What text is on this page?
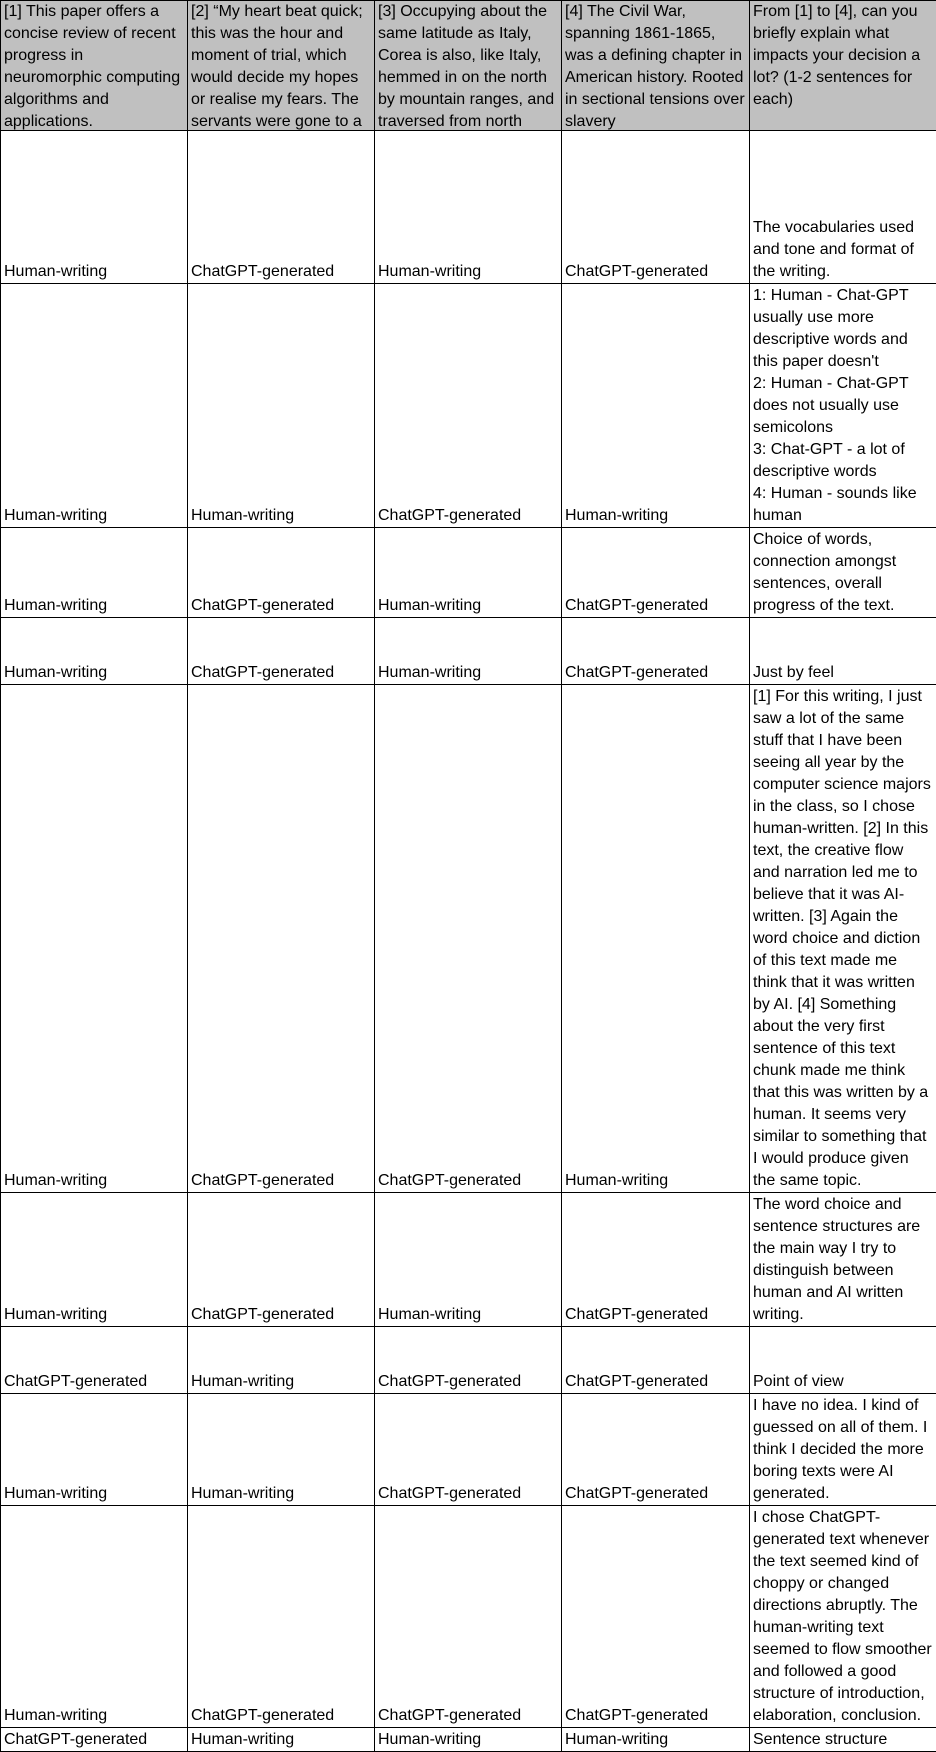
[1] This paper offers a concise review of recent progress in neuromorphic computing algorithms and applications.	[2] “My heart beat quick; this was the hour and moment of trial, which would decide my hopes or realise my fears. The servants were gone to a	[3] Occupying about the same latitude as Italy, Corea is also, like Italy, hemmed in on the north by mountain ranges, and traversed from north	[4] The Civil War, spanning 1861-1865, was a defining chapter in American history. Rooted in sectional tensions over slavery	From [1] to [4], can you briefly explain what impacts your decision a lot? (1-2 sentences for each)

Human-writing	ChatGPT-generated	Human-writing	ChatGPT-generated	The vocabularies used and tone and format of the writing.

Human-writing	Human-writing	ChatGPT-generated	Human-writing	1: Human - Chat-GPT usually use more descriptive words and this paper doesn't
2: Human - Chat-GPT does not usually use semicolons
3: Chat-GPT - a lot of descriptive words
4: Human - sounds like human

Human-writing	ChatGPT-generated	Human-writing	ChatGPT-generated	Choice of words, connection amongst sentences, overall progress of the text.

Human-writing	ChatGPT-generated	Human-writing	ChatGPT-generated	Just by feel

Human-writing	ChatGPT-generated	ChatGPT-generated	Human-writing	[1] For this writing, I just saw a lot of the same stuff that I have been seeing all year by the computer science majors in the class, so I chose human-written. [2] In this text, the creative flow and narration led me to believe that it was AI-written. [3] Again the word choice and diction of this text made me think that it was written by AI. [4] Something about the very first sentence of this text chunk made me think that this was written by a human. It seems very similar to something that I would produce given the same topic.

Human-writing	ChatGPT-generated	Human-writing	ChatGPT-generated	The word choice and sentence structures are the main way I try to distinguish between human and AI written writing.

ChatGPT-generated	Human-writing	ChatGPT-generated	ChatGPT-generated	Point of view

Human-writing	Human-writing	ChatGPT-generated	ChatGPT-generated	I have no idea. I kind of guessed on all of them. I think I decided the more boring texts were AI generated.

Human-writing	ChatGPT-generated	ChatGPT-generated	ChatGPT-generated	I chose ChatGPT-generated text whenever the text seemed kind of choppy or changed directions abruptly. The human-writing text seemed to flow smoother and followed a good structure of introduction, elaboration, conclusion.

ChatGPT-generated	Human-writing	Human-writing	Human-writing	Sentence structure
